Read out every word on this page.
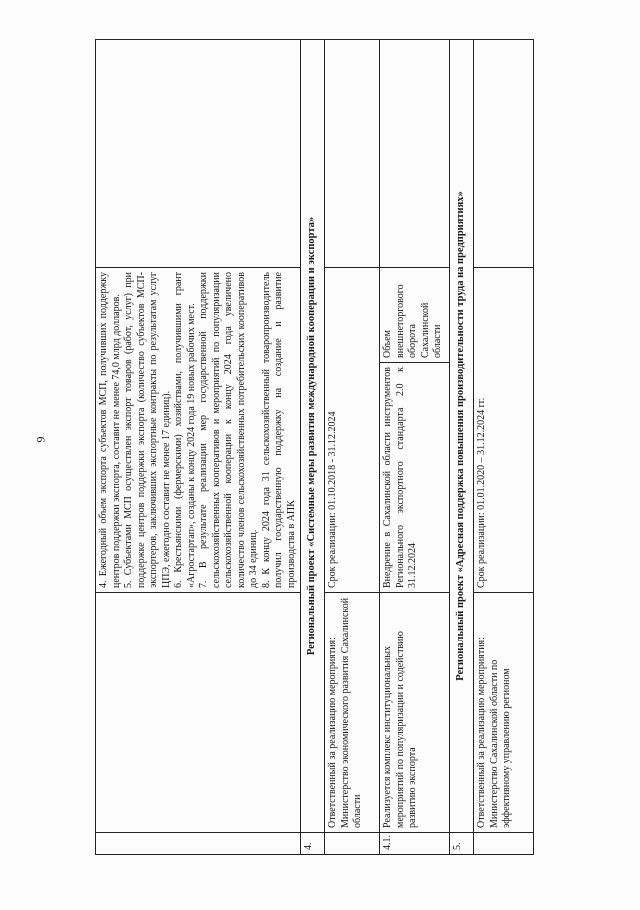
9

		4. Ежегодный объем экспорта субъектов МСП, получивших поддержку центров поддержки экспорта, составит не менее 74,0 млрд долларов. 5. Субъектами МСП осуществлен экспорт товаров (работ, услуг) при поддержке центров поддержки экспорта (количество субъектов МСП-экспортеров, заключивших экспортные контракты по результатам услуг ЦПЭ, ежегодно составит не менее 17 единиц). 6. Крестьянскими (фермерскими) хозяйствами, получившими грант «Агростартап», созданы к концу 2024 года 19 новых рабочих мест. 7. В результате реализации мер государственной поддержки сельскохозяйственных кооперативов и мероприятий по популяризации сельскохозяйственной кооперации к концу 2024 года увеличено количество членов сельскохозяйственных потребительских кооперативов до 34 единиц. 8. К концу 2024 года 31 сельскохозяйственный товаропроизводитель получил государственную поддержку на создание и развитие производства в АПК		

4.	Региональный проект «Системные меры развития международной кооперации и экспорта»			
	Ответственный за реализацию мероприятия: Министерство экономического развития Сахалинской области	Срок реализации: 01.10.2018 - 31.12.2024		
4.1.	Реализуется комплекс институциональных мероприятий по популяризации и содействию развитию экспорта	Внедрение в Сахалинской области инструментов Регионального экспортного стандарта 2.0 к 31.12.2024	Объем внешнеторгового оборота Сахалинской области	
5.	Региональный проект «Адресная поддержка повышения производительности труда на предприятиях»			
	Ответственный за реализацию мероприятия: Министерство Сахалинской области по эффективному управлению регионом	Срок реализации: 01.01.2020 – 31.12.2024 гг.		
